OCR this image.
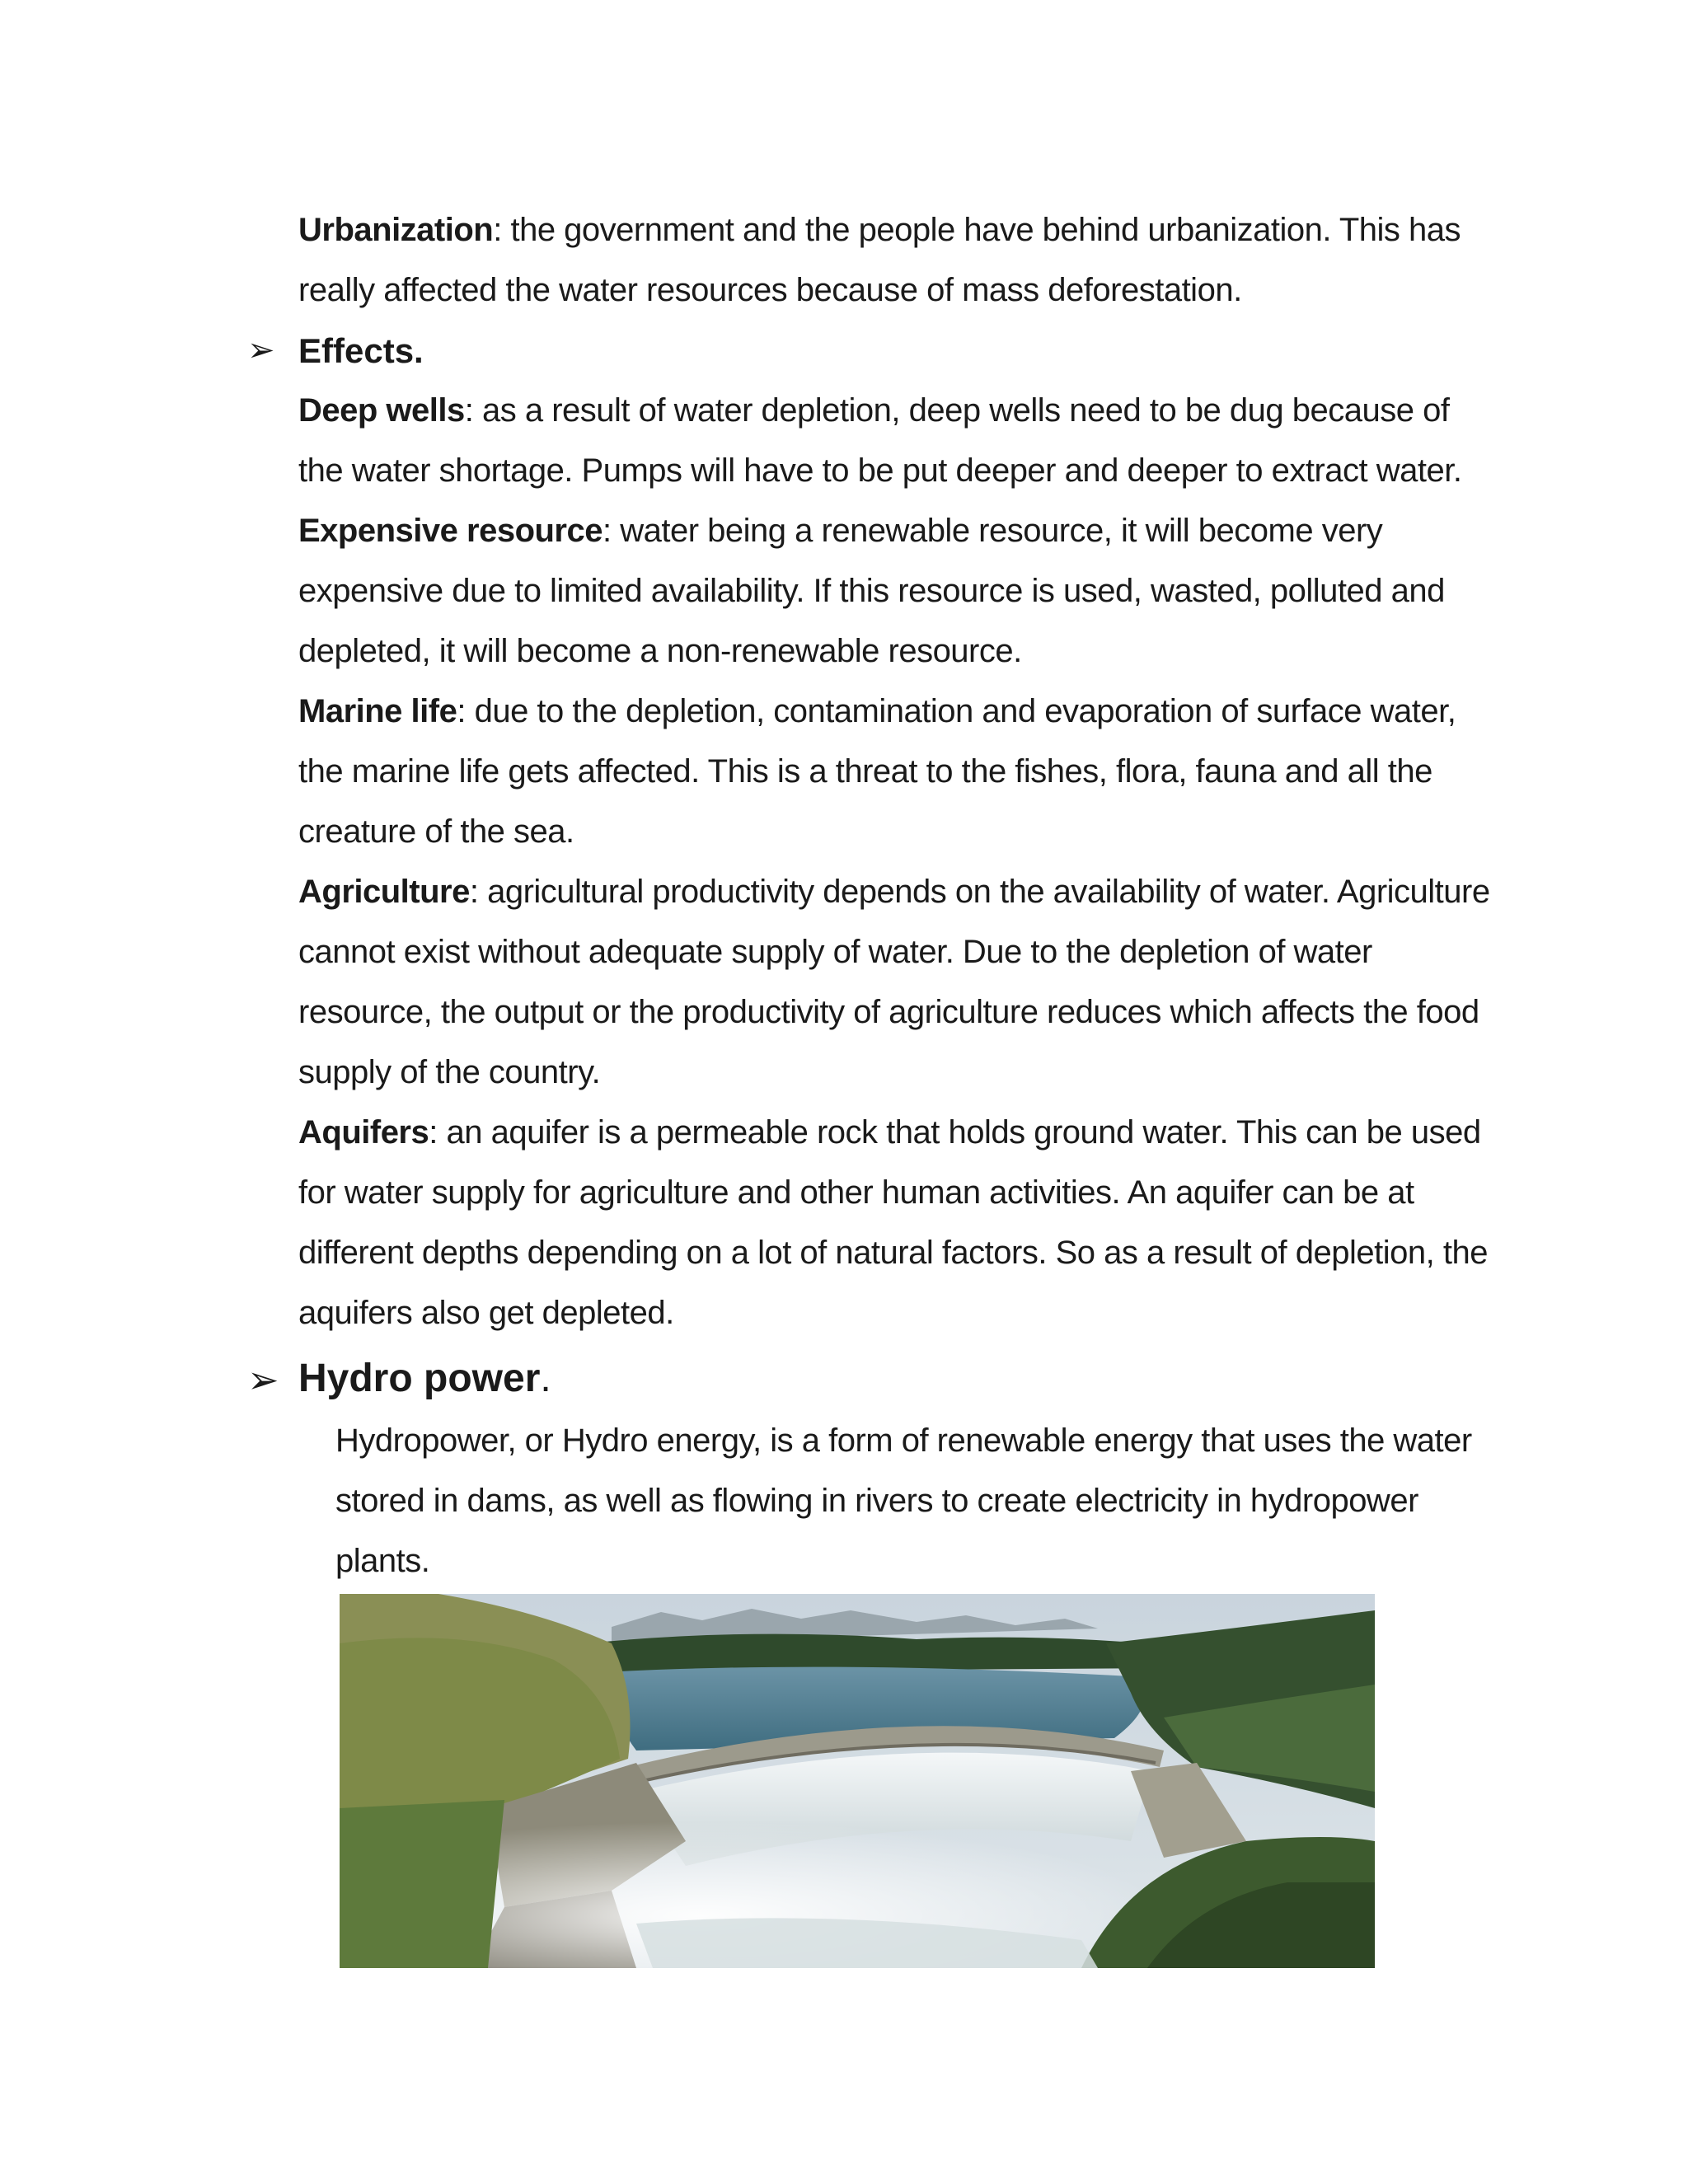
Urbanization: the government and the people have behind urbanization. This has really affected the water resources because of mass deforestation.
➢ Effects.
Deep wells: as a result of water depletion, deep wells need to be dug because of the water shortage. Pumps will have to be put deeper and deeper to extract water.
Expensive resource: water being a renewable resource, it will become very expensive due to limited availability. If this resource is used, wasted, polluted and depleted, it will become a non-renewable resource.
Marine life: due to the depletion, contamination and evaporation of surface water, the marine life gets affected. This is a threat to the fishes, flora, fauna and all the creature of the sea.
Agriculture: agricultural productivity depends on the availability of water. Agriculture cannot exist without adequate supply of water. Due to the depletion of water resource, the output or the productivity of agriculture reduces which affects the food supply of the country.
Aquifers: an aquifer is a permeable rock that holds ground water. This can be used for water supply for agriculture and other human activities. An aquifer can be at different depths depending on a lot of natural factors. So as a result of depletion, the aquifers also get depleted.
➢ Hydro power.
Hydropower, or Hydro energy, is a form of renewable energy that uses the water stored in dams, as well as flowing in rivers to create electricity in hydropower plants.
